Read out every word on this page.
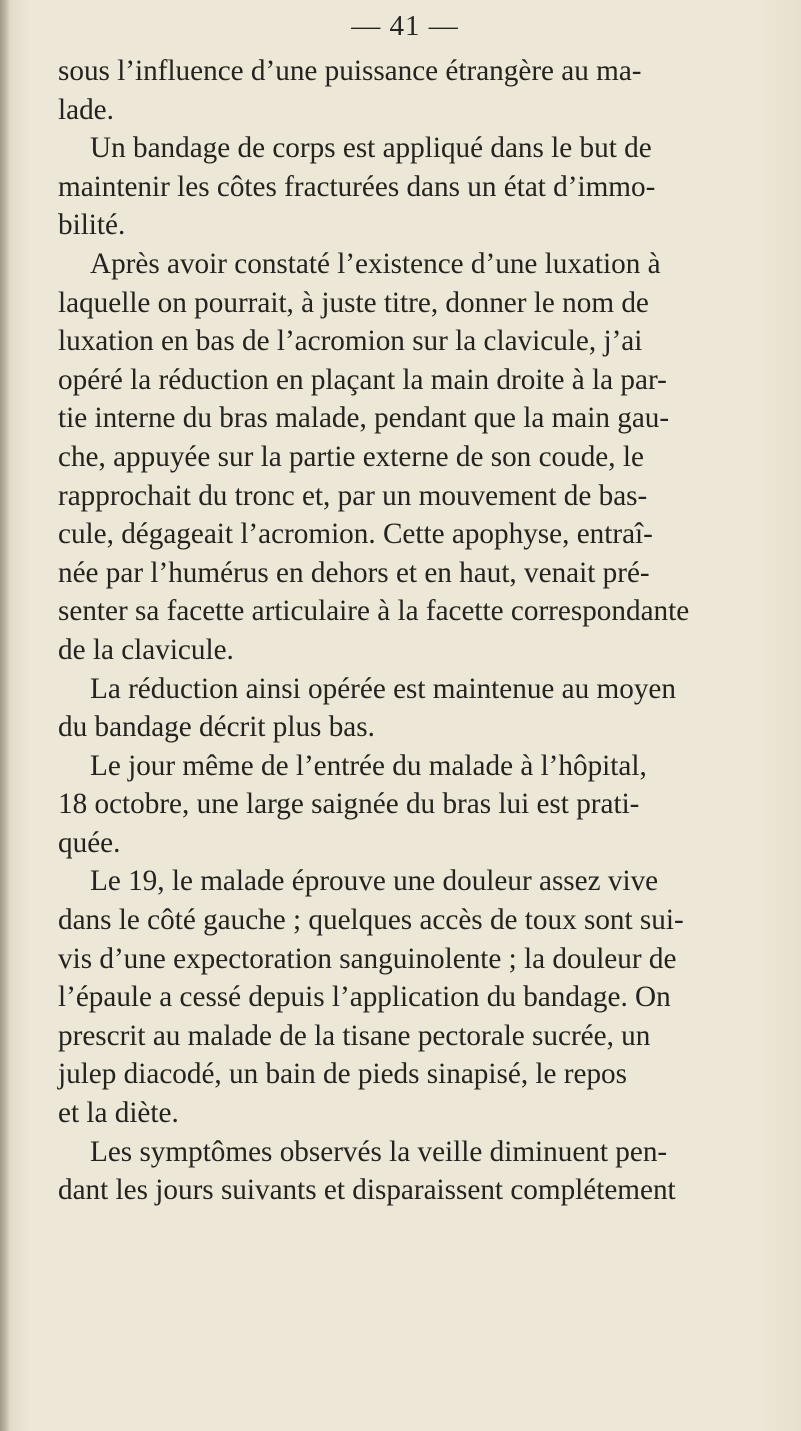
— 41 —
sous l’influence d’une puissance étrangère au ma-
lade.
Un bandage de corps est appliqué dans le but de
maintenir les côtes fracturées dans un état d’immo-
bilité.
Après avoir constaté l’existence d’une luxation à
laquelle on pourrait, à juste titre, donner le nom de
luxation en bas de l’acromion sur la clavicule, j’ai
opéré la réduction en plaçant la main droite à la par-
tie interne du bras malade, pendant que la main gau-
che, appuyée sur la partie externe de son coude, le
rapprochait du tronc et, par un mouvement de bas-
cule, dégageait l’acromion. Cette apophyse, entraî-
née par l’humérus en dehors et en haut, venait pré-
senter sa facette articulaire à la facette correspondante
de la clavicule.
La réduction ainsi opérée est maintenue au moyen
du bandage décrit plus bas.
Le jour même de l’entrée du malade à l’hôpital,
18 octobre, une large saignée du bras lui est prati-
quée.
Le 19, le malade éprouve une douleur assez vive
dans le côté gauche ; quelques accès de toux sont sui-
vis d’une expectoration sanguinolente ; la douleur de
l’épaule a cessé depuis l’application du bandage. On
prescrit au malade de la tisane pectorale sucrée, un
julep diacodé, un bain de pieds sinapisé, le repos
et la diète.
Les symptômes observés la veille diminuent pen-
dant les jours suivants et disparaissent complétement
